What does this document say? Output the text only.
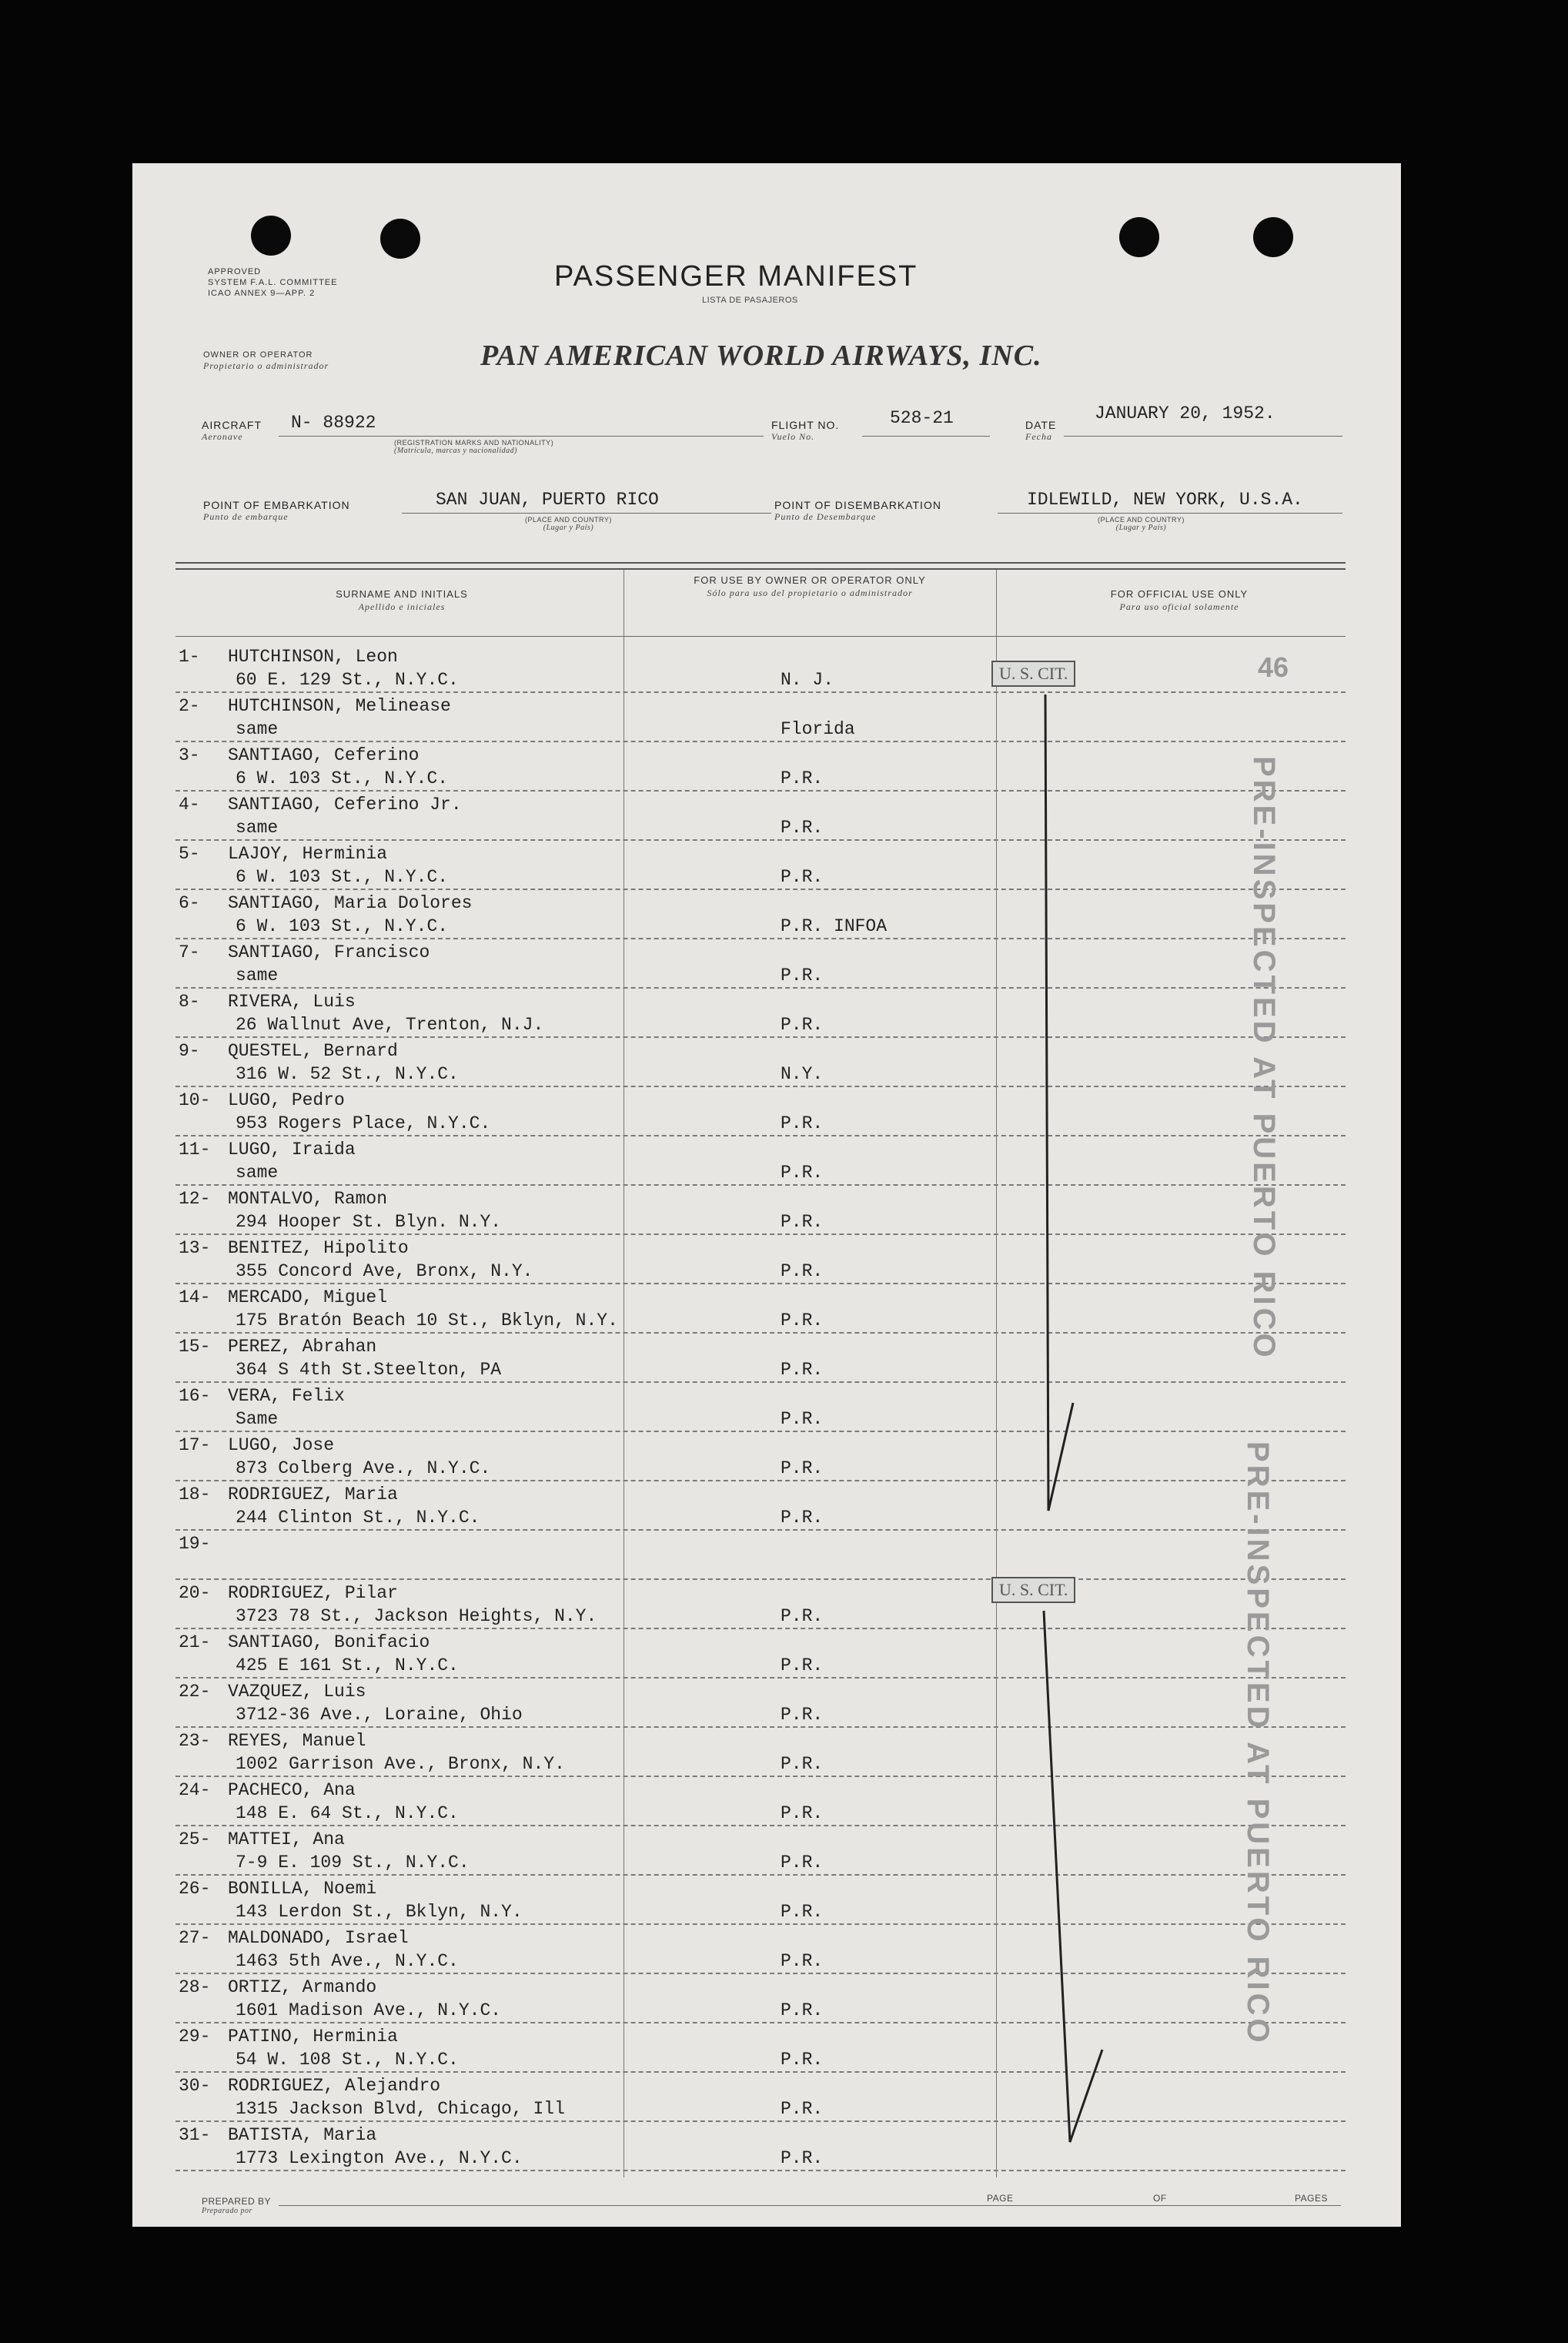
APPROVED
SYSTEM F.A.L. COMMITTEE
ICAO ANNEX 9—APP. 2
PASSENGER MANIFEST
LISTA DE PASAJEROS
OWNER OR OPERATOR
Propietario o administrador	PAN AMERICAN WORLD AIRWAYS, INC.
AIRCRAFT
Aeronave
N- 88922
(REGISTRATION MARKS AND NATIONALITY)
(Matrícula, marcas y nacionalidad)
FLIGHT NO.
Vuelo No.
528-21	DATE
Fecha
JANUARY 20, 1952.
POINT OF EMBARKATION
Punto de embarque
SAN JUAN, PUERTO RICO
(PLACE AND COUNTRY)
(Lugar y País)
POINT OF DISEMBARKATION
Punto de Desembarque
IDLEWILD, NEW YORK, U.S.A.
(PLACE AND COUNTRY)
(Lugar y País)
SURNAME AND INITIALS
Apellido e iniciales
FOR USE BY OWNER OR OPERATOR ONLY
Sólo para uso del propietario o administrador	FOR OFFICIAL USE ONLY
Para uso oficial solamente
1- HUTCHINSON, Leon
60 E. 129 St., N.Y.C.	N. J.
2- HUTCHINSON, Melinease
same	Florida
3- SANTIAGO, Ceferino
6 W. 103 St., N.Y.C.	P.R.
4- SANTIAGO, Ceferino Jr.
same	P.R.
5- LAJOY, Herminia
6 W. 103 St., N.Y.C.	P.R.
6- SANTIAGO, Maria Dolores
6 W. 103 St., N.Y.C.	P.R. INFOA
7- SANTIAGO, Francisco
same	P.R.
8- RIVERA, Luis
26 Wallnut Ave, Trenton, N.J.	P.R.
9- QUESTEL, Bernard
316 W. 52 St., N.Y.C.	N.Y.
10- LUGO, Pedro
953 Rogers Place, N.Y.C.	P.R.
11- LUGO, Iraida
same	P.R.
12- MONTALVO, Ramon
294 Hooper St. Blyn. N.Y.	P.R.
13- BENITEZ, Hipolito
355 Concord Ave, Bronx, N.Y.	P.R.
14- MERCADO, Miguel
175 Bratón Beach 10 St., Bklyn, N.Y.	P.R.
15- PEREZ, Abrahan
364 S 4th St.Steelton, PA	P.R.
16- VERA, Felix
Same	P.R.
17- LUGO, Jose
873 Colberg Ave., N.Y.C.	P.R.
18- RODRIGUEZ, Maria
244 Clinton St., N.Y.C.	P.R.
19-
20- RODRIGUEZ, Pilar
3723 78 St., Jackson Heights, N.Y.	P.R.
21- SANTIAGO, Bonifacio
425 E 161 St., N.Y.C.	P.R.
22- VAZQUEZ, Luis
3712-36 Ave., Loraine, Ohio	P.R.
23- REYES, Manuel
1002 Garrison Ave., Bronx, N.Y.	P.R.
24- PACHECO, Ana
148 E. 64 St., N.Y.C.	P.R.
25- MATTEI, Ana
7-9 E. 109 St., N.Y.C.	P.R.
26- BONILLA, Noemi
143 Lerdon St., Bklyn, N.Y.	P.R.
27- MALDONADO, Israel
1463 5th Ave., N.Y.C.	P.R.
28- ORTIZ, Armando
1601 Madison Ave., N.Y.C.	P.R.
29- PATINO, Herminia
54 W. 108 St., N.Y.C.	P.R.
30- RODRIGUEZ, Alejandro
1315 Jackson Blvd, Chicago, Ill	P.R.
31- BATISTA, Maria
1773 Lexington Ave., N.Y.C.	P.R.
46
U. S. CIT.
U. S. CIT.
PRE-INSPECTED AT PUERTO RICO
PRE-INSPECTED AT PUERTO RICO
PREPARED BY
Preparado por
PAGE	OF	PAGES
